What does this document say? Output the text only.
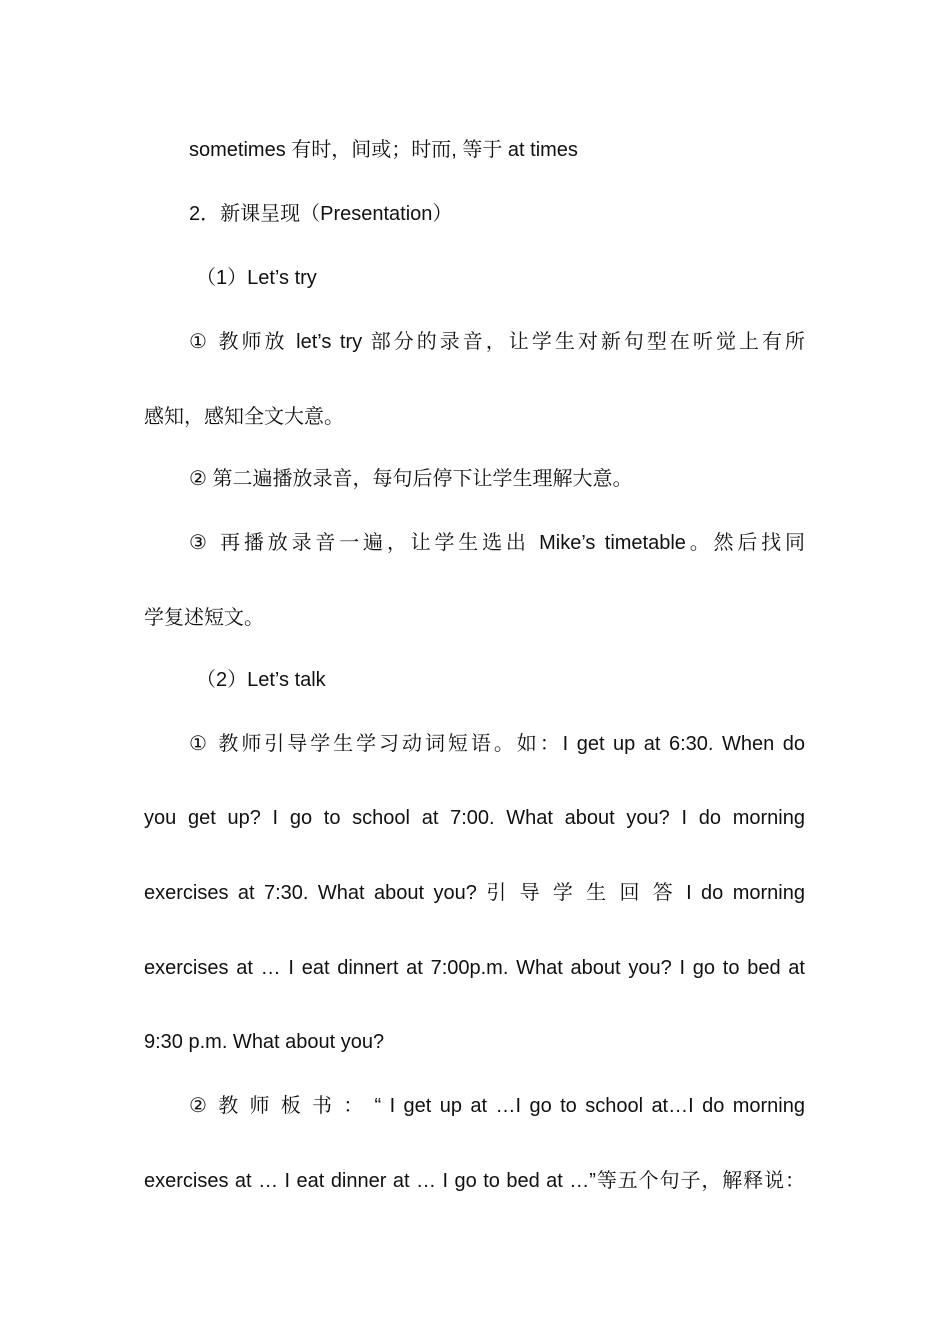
sometimes 有时，间或；时而, 等于 at times
2．新课呈现（Presentation）
（1）Let’s try
① 教师放 let’s try 部分的录音，让学生对新句型在听觉上有所
感知，感知全文大意。
② 第二遍播放录音，每句后停下让学生理解大意。
③ 再播放录音一遍，让学生选出 Mike’s timetable。然后找同
学复述短文。
（2）Let’s talk
① 教师引导学生学习动词短语。如：I get up at 6:30. When do
you get up? I go to school at 7:00. What about you? I do morning
exercises at 7:30. What about you? 引 导 学 生 回 答 I do morning
exercises at … I eat dinnert at 7:00p.m. What about you? I go to bed at
9:30 p.m. What about you?
② 教 师 板 书 ： “ I get up at …I go to school at…I do morning
exercises at … I eat dinner at … I go to bed at …”等五个句子，解释说：
